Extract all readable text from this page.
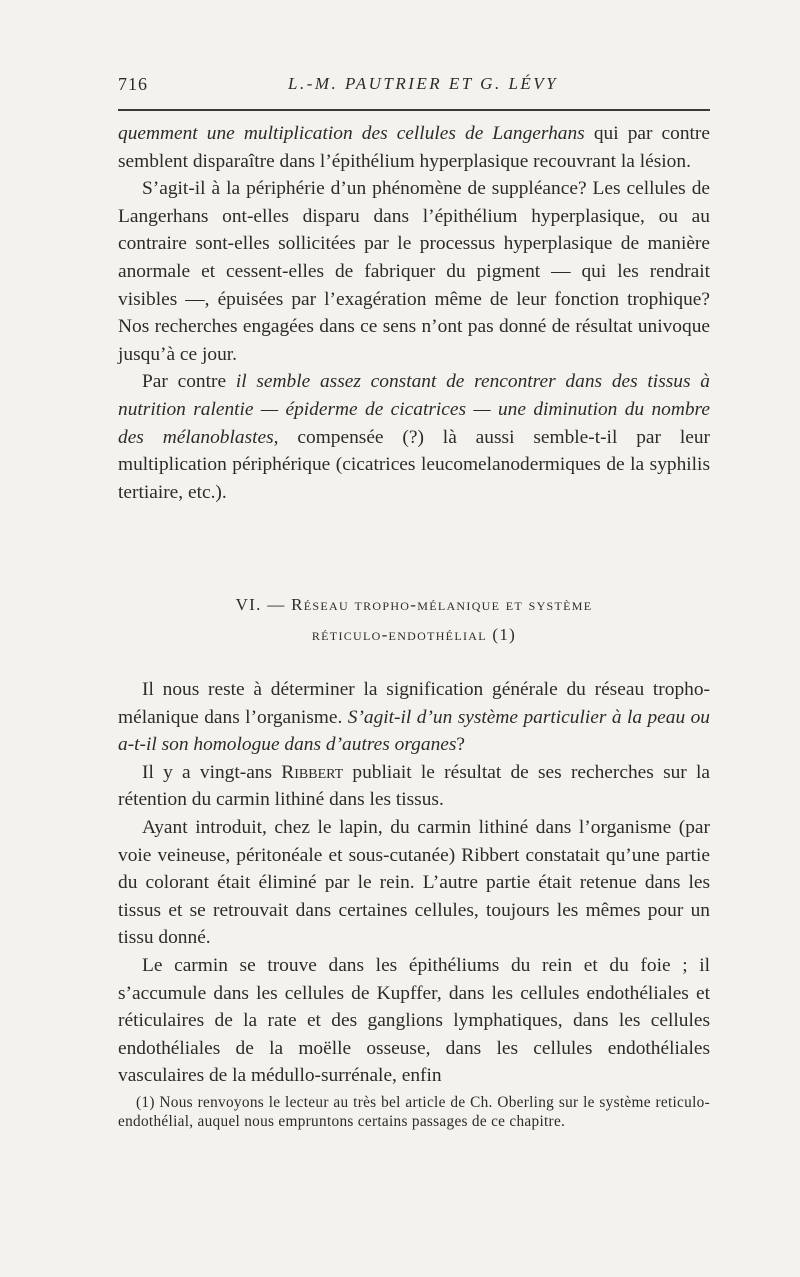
716	L.-M. PAUTRIER ET G. LÉVY

quemment une multiplication des cellules de Langerhans qui par contre semblent disparaître dans l’épithélium hyperplasique recouvrant la lésion.

S’agit-il à la périphérie d’un phénomène de suppléance? Les cellules de Langerhans ont-elles disparu dans l’épithélium hyperplasique, ou au contraire sont-elles sollicitées par le processus hyperplasique de manière anormale et cessent-elles de fabriquer du pigment — qui les rendrait visibles —, épuisées par l’exagération même de leur fonction trophique? Nos recherches engagées dans ce sens n’ont pas donné de résultat univoque jusqu’à ce jour.

Par contre il semble assez constant de rencontrer dans des tissus à nutrition ralentie — épiderme de cicatrices — une diminution du nombre des mélanoblastes, compensée (?) là aussi semble-t-il par leur multiplication périphérique (cicatrices leucomelanodermiques de la syphilis tertiaire, etc.).

VI. — Réseau tropho-mélanique et système
réticulo-endothélial (1)

Il nous reste à déterminer la signification générale du réseau tropho-mélanique dans l’organisme. S’agit-il d’un système particulier à la peau ou a-t-il son homologue dans d’autres organes?

Il y a vingt-ans Ribbert publiait le résultat de ses recherches sur la rétention du carmin lithiné dans les tissus.

Ayant introduit, chez le lapin, du carmin lithiné dans l’organisme (par voie veineuse, péritonéale et sous-cutanée) Ribbert constatait qu’une partie du colorant était éliminé par le rein. L’autre partie était retenue dans les tissus et se retrouvait dans certaines cellules, toujours les mêmes pour un tissu donné.

Le carmin se trouve dans les épithéliums du rein et du foie ; il s’accumule dans les cellules de Kupffer, dans les cellules endothéliales et réticulaires de la rate et des ganglions lymphatiques, dans les cellules endothéliales de la moëlle osseuse, dans les cellules endothéliales vasculaires de la médullo-surrénale, enfin

(1) Nous renvoyons le lecteur au très bel article de Ch. Oberling sur le système reticulo-endothélial, auquel nous empruntons certains passages de ce chapitre.
